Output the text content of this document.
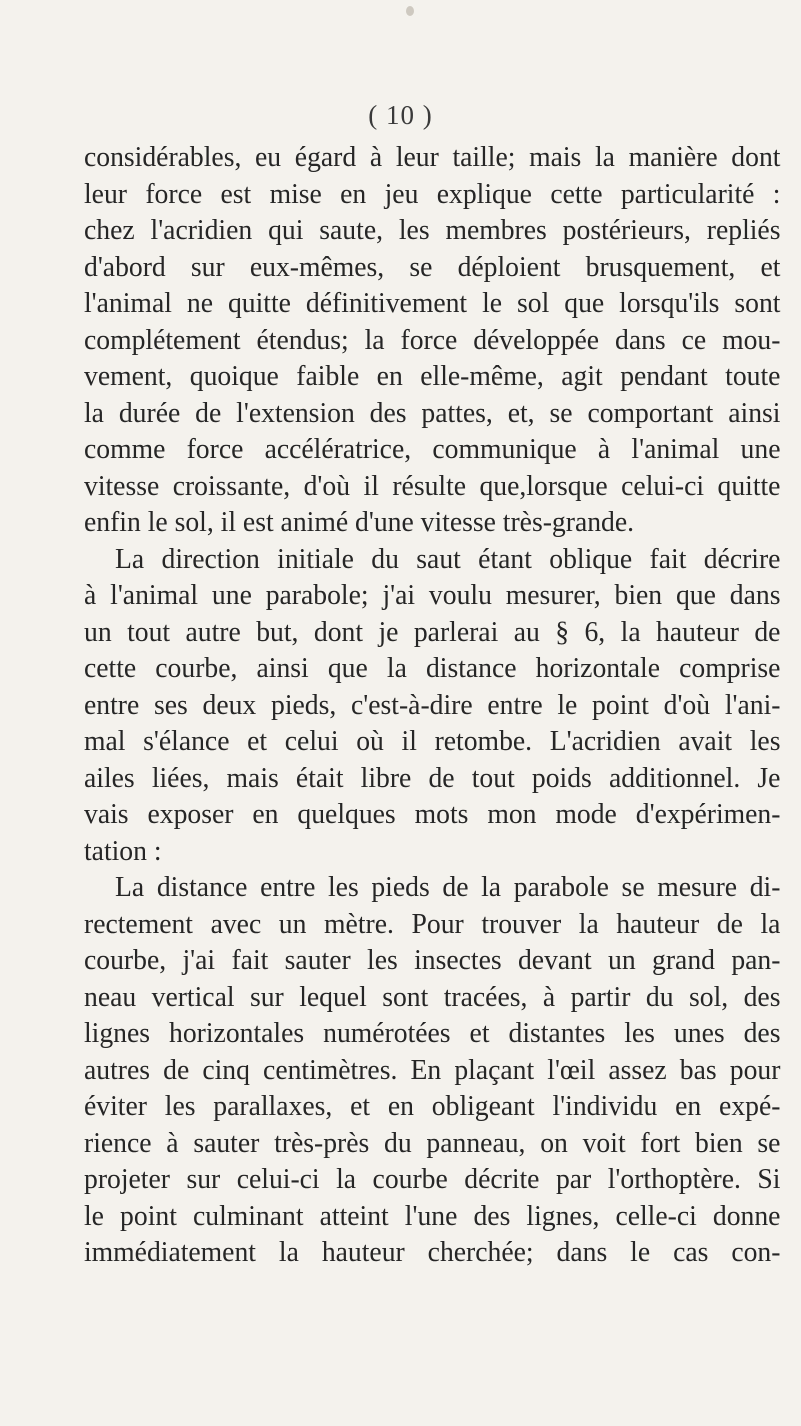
( 10 )
considérables, eu égard à leur taille; mais la manière dont
leur force est mise en jeu explique cette particularité :
chez l'acridien qui saute, les membres postérieurs, repliés
d'abord sur eux-mêmes, se déploient brusquement, et
l'animal ne quitte définitivement le sol que lorsqu'ils sont
complétement étendus; la force développée dans ce mou-
vement, quoique faible en elle-même, agit pendant toute
la durée de l'extension des pattes, et, se comportant ainsi
comme force accélératrice, communique à l'animal une
vitesse croissante, d'où il résulte que,lorsque celui-ci quitte
enfin le sol, il est animé d'une vitesse très-grande.
La direction initiale du saut étant oblique fait décrire
à l'animal une parabole; j'ai voulu mesurer, bien que dans
un tout autre but, dont je parlerai au § 6, la hauteur de
cette courbe, ainsi que la distance horizontale comprise
entre ses deux pieds, c'est-à-dire entre le point d'où l'ani-
mal s'élance et celui où il retombe. L'acridien avait les
ailes liées, mais était libre de tout poids additionnel. Je
vais exposer en quelques mots mon mode d'expérimen-
tation :
La distance entre les pieds de la parabole se mesure di-
rectement avec un mètre. Pour trouver la hauteur de la
courbe, j'ai fait sauter les insectes devant un grand pan-
neau vertical sur lequel sont tracées, à partir du sol, des
lignes horizontales numérotées et distantes les unes des
autres de cinq centimètres. En plaçant l'œil assez bas pour
éviter les parallaxes, et en obligeant l'individu en expé-
rience à sauter très-près du panneau, on voit fort bien se
projeter sur celui-ci la courbe décrite par l'orthoptère. Si
le point culminant atteint l'une des lignes, celle-ci donne
immédiatement la hauteur cherchée; dans le cas con-
